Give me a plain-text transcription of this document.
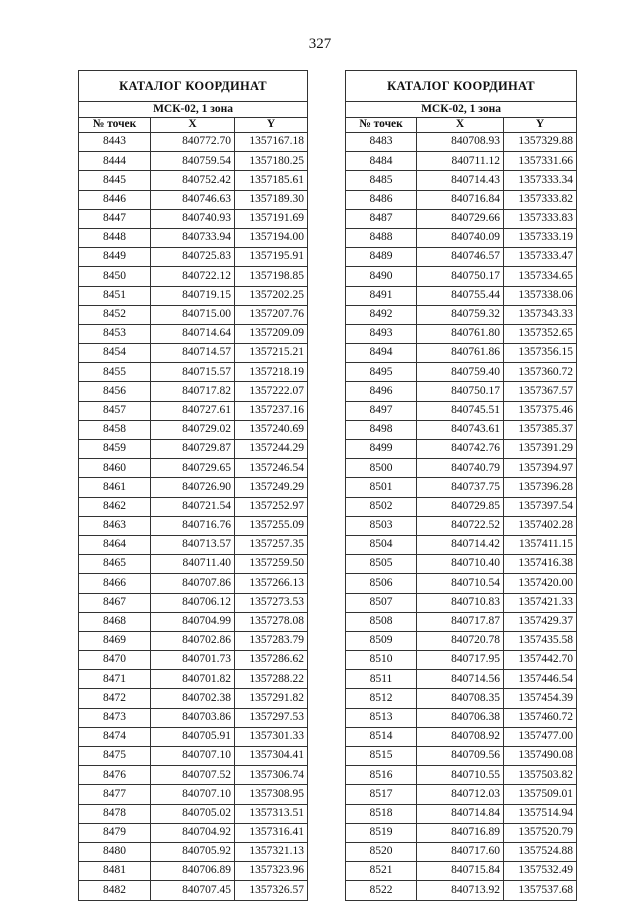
327
КАТАЛОГ КООРДИНАТ		
МСК-02, 1 зона		
№ точек	X	Y
8443	840772.70	1357167.18
8444	840759.54	1357180.25
8445	840752.42	1357185.61
8446	840746.63	1357189.30
8447	840740.93	1357191.69
8448	840733.94	1357194.00
8449	840725.83	1357195.91
8450	840722.12	1357198.85
8451	840719.15	1357202.25
8452	840715.00	1357207.76
8453	840714.64	1357209.09
8454	840714.57	1357215.21
8455	840715.57	1357218.19
8456	840717.82	1357222.07
8457	840727.61	1357237.16
8458	840729.02	1357240.69
8459	840729.87	1357244.29
8460	840729.65	1357246.54
8461	840726.90	1357249.29
8462	840721.54	1357252.97
8463	840716.76	1357255.09
8464	840713.57	1357257.35
8465	840711.40	1357259.50
8466	840707.86	1357266.13
8467	840706.12	1357273.53
8468	840704.99	1357278.08
8469	840702.86	1357283.79
8470	840701.73	1357286.62
8471	840701.82	1357288.22
8472	840702.38	1357291.82
8473	840703.86	1357297.53
8474	840705.91	1357301.33
8475	840707.10	1357304.41
8476	840707.52	1357306.74
8477	840707.10	1357308.95
8478	840705.02	1357313.51
8479	840704.92	1357316.41
8480	840705.92	1357321.13
8481	840706.89	1357323.96
8482	840707.45	1357326.57
КАТАЛОГ КООРДИНАТ		
МСК-02, 1 зона		
№ точек	X	Y
8483	840708.93	1357329.88
8484	840711.12	1357331.66
8485	840714.43	1357333.34
8486	840716.84	1357333.82
8487	840729.66	1357333.83
8488	840740.09	1357333.19
8489	840746.57	1357333.47
8490	840750.17	1357334.65
8491	840755.44	1357338.06
8492	840759.32	1357343.33
8493	840761.80	1357352.65
8494	840761.86	1357356.15
8495	840759.40	1357360.72
8496	840750.17	1357367.57
8497	840745.51	1357375.46
8498	840743.61	1357385.37
8499	840742.76	1357391.29
8500	840740.79	1357394.97
8501	840737.75	1357396.28
8502	840729.85	1357397.54
8503	840722.52	1357402.28
8504	840714.42	1357411.15
8505	840710.40	1357416.38
8506	840710.54	1357420.00
8507	840710.83	1357421.33
8508	840717.87	1357429.37
8509	840720.78	1357435.58
8510	840717.95	1357442.70
8511	840714.56	1357446.54
8512	840708.35	1357454.39
8513	840706.38	1357460.72
8514	840708.92	1357477.00
8515	840709.56	1357490.08
8516	840710.55	1357503.82
8517	840712.03	1357509.01
8518	840714.84	1357514.94
8519	840716.89	1357520.79
8520	840717.60	1357524.88
8521	840715.84	1357532.49
8522	840713.92	1357537.68
